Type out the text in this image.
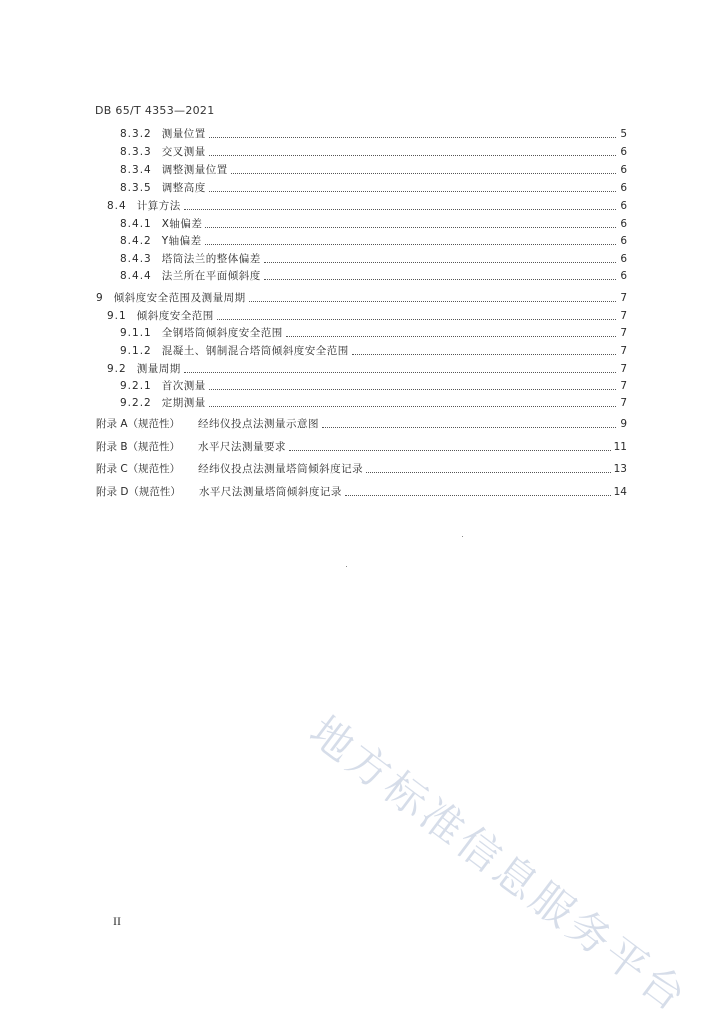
DB 65/T 4353—2021
8.3.2 测量位置	5
8.3.3 交叉测量	6
8.3.4 调整测量位置	6
8.3.5 调整高度	6
8.4 计算方法	6
8.4.1 X轴偏差	6
8.4.2 Y轴偏差	6
8.4.3 塔筒法兰的整体偏差	6
8.4.4 法兰所在平面倾斜度	6
9 倾斜度安全范围及测量周期	7
9.1 倾斜度安全范围	7
9.1.1 全钢塔筒倾斜度安全范围	7
9.1.2 混凝土、钢制混合塔筒倾斜度安全范围	7
9.2 测量周期	7
9.2.1 首次测量	7
9.2.2 定期测量	7
附录 A（规范性） 经纬仪投点法测量示意图	9
附录 B（规范性） 水平尺法测量要求	11
附录 C（规范性） 经纬仪投点法测量塔筒倾斜度记录	13
附录 D（规范性） 水平尺法测量塔筒倾斜度记录	14
地方标准信息服务平台
II
